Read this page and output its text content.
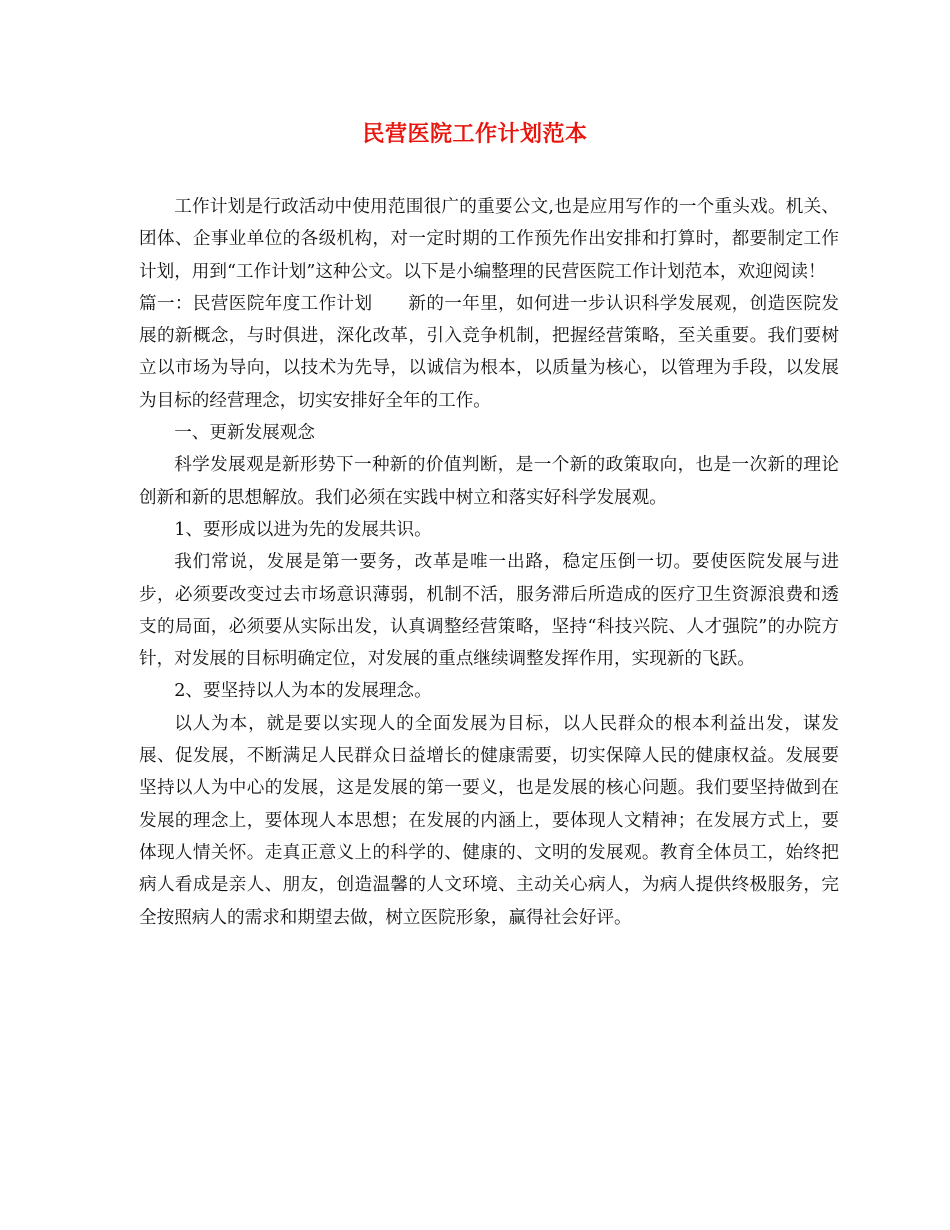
民营医院工作计划范本

工作计划是行政活动中使用范围很广的重要公文,也是应用写作的一个重头戏。机关、团体、企事业单位的各级机构，对一定时期的工作预先作出安排和打算时，都要制定工作计划，用到“工作计划”这种公文。以下是小编整理的民营医院工作计划范本，欢迎阅读！

篇一：民营医院年度工作计划　　新的一年里，如何进一步认识科学发展观，创造医院发展的新概念，与时俱进，深化改革，引入竞争机制，把握经营策略，至关重要。我们要树立以市场为导向，以技术为先导，以诚信为根本，以质量为核心，以管理为手段，以发展为目标的经营理念，切实安排好全年的工作。

一、更新发展观念

科学发展观是新形势下一种新的价值判断，是一个新的政策取向，也是一次新的理论创新和新的思想解放。我们必须在实践中树立和落实好科学发展观。

1、要形成以进为先的发展共识。

我们常说，发展是第一要务，改革是唯一出路，稳定压倒一切。要使医院发展与进步，必须要改变过去市场意识薄弱，机制不活，服务滞后所造成的医疗卫生资源浪费和透支的局面，必须要从实际出发，认真调整经营策略，坚持“科技兴院、人才强院”的办院方针，对发展的目标明确定位，对发展的重点继续调整发挥作用，实现新的飞跃。

2、要坚持以人为本的发展理念。

以人为本，就是要以实现人的全面发展为目标，以人民群众的根本利益出发，谋发展、促发展，不断满足人民群众日益增长的健康需要，切实保障人民的健康权益。发展要坚持以人为中心的发展，这是发展的第一要义，也是发展的核心问题。我们要坚持做到在发展的理念上，要体现人本思想；在发展的内涵上，要体现人文精神；在发展方式上，要体现人情关怀。走真正意义上的科学的、健康的、文明的发展观。教育全体员工，始终把病人看成是亲人、朋友，创造温馨的人文环境、主动关心病人，为病人提供终极服务，完全按照病人的需求和期望去做，树立医院形象，赢得社会好评。
